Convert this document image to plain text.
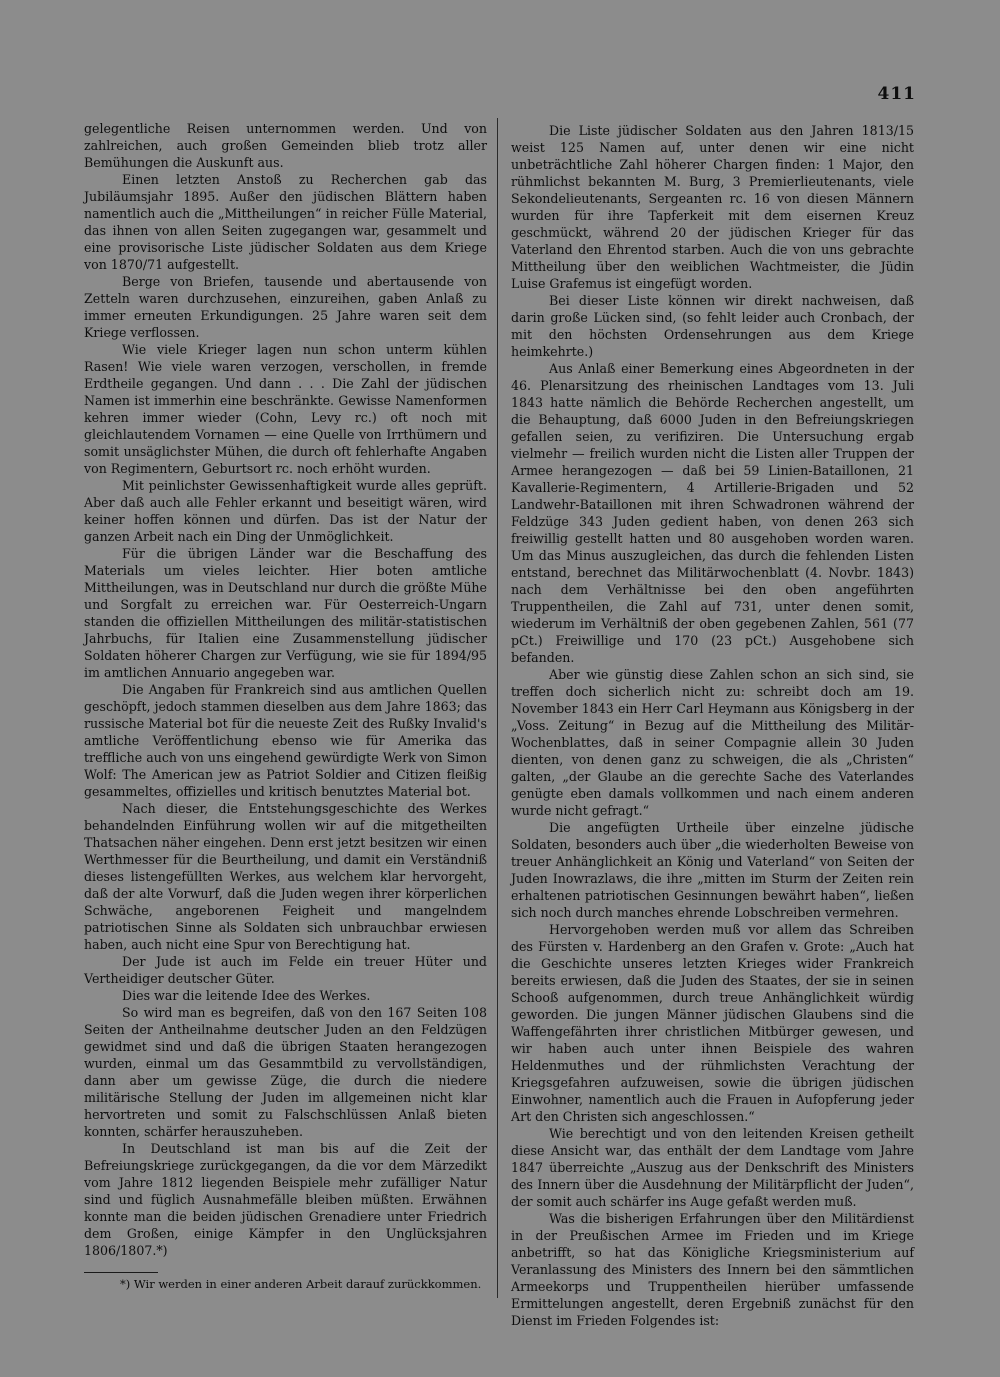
411

gelegentliche Reisen unternommen werden. Und von zahlreichen, auch großen Gemeinden blieb trotz aller Bemühungen die Auskunft aus.

Einen letzten Anstoß zu Recherchen gab das Jubiläumsjahr 1895. Außer den jüdischen Blättern haben namentlich auch die „Mittheilungen“ in reicher Fülle Material, das ihnen von allen Seiten zugegangen war, gesammelt und eine provisorische Liste jüdischer Soldaten aus dem Kriege von 1870/71 aufgestellt.

Berge von Briefen, tausende und abertausende von Zetteln waren durchzusehen, einzureihen, gaben Anlaß zu immer erneuten Erkundigungen. 25 Jahre waren seit dem Kriege verflossen.

Wie viele Krieger lagen nun schon unterm kühlen Rasen! Wie viele waren verzogen, verschollen, in fremde Erdtheile gegangen. Und dann . . . Die Zahl der jüdischen Namen ist immerhin eine beschränkte. Gewisse Namenformen kehren immer wieder (Cohn, Levy rc.) oft noch mit gleichlautendem Vornamen — eine Quelle von Irrthümern und somit unsäglichster Mühen, die durch oft fehlerhafte Angaben von Regimentern, Geburtsort rc. noch erhöht wurden.

Mit peinlichster Gewissenhaftigkeit wurde alles geprüft. Aber daß auch alle Fehler erkannt und beseitigt wären, wird keiner hoffen können und dürfen. Das ist der Natur der ganzen Arbeit nach ein Ding der Unmöglichkeit.

Für die übrigen Länder war die Beschaffung des Materials um vieles leichter. Hier boten amtliche Mittheilungen, was in Deutschland nur durch die größte Mühe und Sorgfalt zu erreichen war. Für Oesterreich-Ungarn standen die offiziellen Mittheilungen des militär-statistischen Jahrbuchs, für Italien eine Zusammenstellung jüdischer Soldaten höherer Chargen zur Verfügung, wie sie für 1894/95 im amtlichen Annuario angegeben war.

Die Angaben für Frankreich sind aus amtlichen Quellen geschöpft, jedoch stammen dieselben aus dem Jahre 1863; das russische Material bot für die neueste Zeit des Rußky Invalid's amtliche Veröffentlichung ebenso wie für Amerika das treffliche auch von uns eingehend gewürdigte Werk von Simon Wolf: The American jew as Patriot Soldier and Citizen fleißig gesammeltes, offizielles und kritisch benutztes Material bot.

Nach dieser, die Entstehungsgeschichte des Werkes behandelnden Einführung wollen wir auf die mitgetheilten Thatsachen näher eingehen. Denn erst jetzt besitzen wir einen Werthmesser für die Beurtheilung, und damit ein Verständniß dieses listengefüllten Werkes, aus welchem klar hervorgeht, daß der alte Vorwurf, daß die Juden wegen ihrer körperlichen Schwäche, angeborenen Feigheit und mangelndem patriotischen Sinne als Soldaten sich unbrauchbar erwiesen haben, auch nicht eine Spur von Berechtigung hat.

Der Jude ist auch im Felde ein treuer Hüter und Vertheidiger deutscher Güter.

Dies war die leitende Idee des Werkes.

So wird man es begreifen, daß von den 167 Seiten 108 Seiten der Antheilnahme deutscher Juden an den Feldzügen gewidmet sind und daß die übrigen Staaten herangezogen wurden, einmal um das Gesammtbild zu vervollständigen, dann aber um gewisse Züge, die durch die niedere militärische Stellung der Juden im allgemeinen nicht klar hervortreten und somit zu Falschschlüssen Anlaß bieten konnten, schärfer herauszuheben.

In Deutschland ist man bis auf die Zeit der Befreiungskriege zurückgegangen, da die vor dem Märzedikt vom Jahre 1812 liegenden Beispiele mehr zufälliger Natur sind und füglich Ausnahmefälle bleiben müßten. Erwähnen konnte man die beiden jüdischen Grenadiere unter Friedrich dem Großen, einige Kämpfer in den Unglücksjahren 1806/1807.*)

Die Liste jüdischer Soldaten aus den Jahren 1813/15 weist 125 Namen auf, unter denen wir eine nicht unbeträchtliche Zahl höherer Chargen finden: 1 Major, den rühmlichst bekannten M. Burg, 3 Premierlieutenants, viele Sekondelieutenants, Sergeanten rc. 16 von diesen Männern wurden für ihre Tapferkeit mit dem eisernen Kreuz geschmückt, während 20 der jüdischen Krieger für das Vaterland den Ehrentod starben. Auch die von uns gebrachte Mittheilung über den weiblichen Wachtmeister, die Jüdin Luise Grafemus ist eingefügt worden.

Bei dieser Liste können wir direkt nachweisen, daß darin große Lücken sind, (so fehlt leider auch Cronbach, der mit den höchsten Ordensehrungen aus dem Kriege heimkehrte.)

Aus Anlaß einer Bemerkung eines Abgeordneten in der 46. Plenarsitzung des rheinischen Landtages vom 13. Juli 1843 hatte nämlich die Behörde Recherchen angestellt, um die Behauptung, daß 6000 Juden in den Befreiungskriegen gefallen seien, zu verifiziren. Die Untersuchung ergab vielmehr — freilich wurden nicht die Listen aller Truppen der Armee herangezogen — daß bei 59 Linien-Bataillonen, 21 Kavallerie-Regimentern, 4 Artillerie-Brigaden und 52 Landwehr-Bataillonen mit ihren Schwadronen während der Feldzüge 343 Juden gedient haben, von denen 263 sich freiwillig gestellt hatten und 80 ausgehoben worden waren. Um das Minus auszugleichen, das durch die fehlenden Listen entstand, berechnet das Militärwochenblatt (4. Novbr. 1843) nach dem Verhältnisse bei den oben angeführten Truppentheilen, die Zahl auf 731, unter denen somit, wiederum im Verhältniß der oben gegebenen Zahlen, 561 (77 pCt.) Freiwillige und 170 (23 pCt.) Ausgehobene sich befanden.

Aber wie günstig diese Zahlen schon an sich sind, sie treffen doch sicherlich nicht zu: schreibt doch am 19. November 1843 ein Herr Carl Heymann aus Königsberg in der „Voss. Zeitung“ in Bezug auf die Mittheilung des Militär-Wochenblattes, daß in seiner Compagnie allein 30 Juden dienten, von denen ganz zu schweigen, die als „Christen“ galten, „der Glaube an die gerechte Sache des Vaterlandes genügte eben damals vollkommen und nach einem anderen wurde nicht gefragt.“

Die angefügten Urtheile über einzelne jüdische Soldaten, besonders auch über „die wiederholten Beweise von treuer Anhänglichkeit an König und Vaterland“ von Seiten der Juden Inowrazlaws, die ihre „mitten im Sturm der Zeiten rein erhaltenen patriotischen Gesinnungen bewährt haben“, ließen sich noch durch manches ehrende Lobschreiben vermehren.

Hervorgehoben werden muß vor allem das Schreiben des Fürsten v. Hardenberg an den Grafen v. Grote: „Auch hat die Geschichte unseres letzten Krieges wider Frankreich bereits erwiesen, daß die Juden des Staates, der sie in seinen Schooß aufgenommen, durch treue Anhänglichkeit würdig geworden. Die jungen Männer jüdischen Glaubens sind die Waffengefährten ihrer christlichen Mitbürger gewesen, und wir haben auch unter ihnen Beispiele des wahren Heldenmuthes und der rühmlichsten Verachtung der Kriegsgefahren aufzuweisen, sowie die übrigen jüdischen Einwohner, namentlich auch die Frauen in Aufopferung jeder Art den Christen sich angeschlossen.“

Wie berechtigt und von den leitenden Kreisen getheilt diese Ansicht war, das enthält der dem Landtage vom Jahre 1847 überreichte „Auszug aus der Denkschrift des Ministers des Innern über die Ausdehnung der Militärpflicht der Juden“, der somit auch schärfer ins Auge gefaßt werden muß.

Was die bisherigen Erfahrungen über den Militärdienst in der Preußischen Armee im Frieden und im Kriege anbetrifft, so hat das Königliche Kriegsministerium auf Veranlassung des Ministers des Innern bei den sämmtlichen Armeekorps und Truppentheilen hierüber umfassende Ermittelungen angestellt, deren Ergebniß zunächst für den Dienst im Frieden Folgendes ist:

*) Wir werden in einer anderen Arbeit darauf zurückkommen.
